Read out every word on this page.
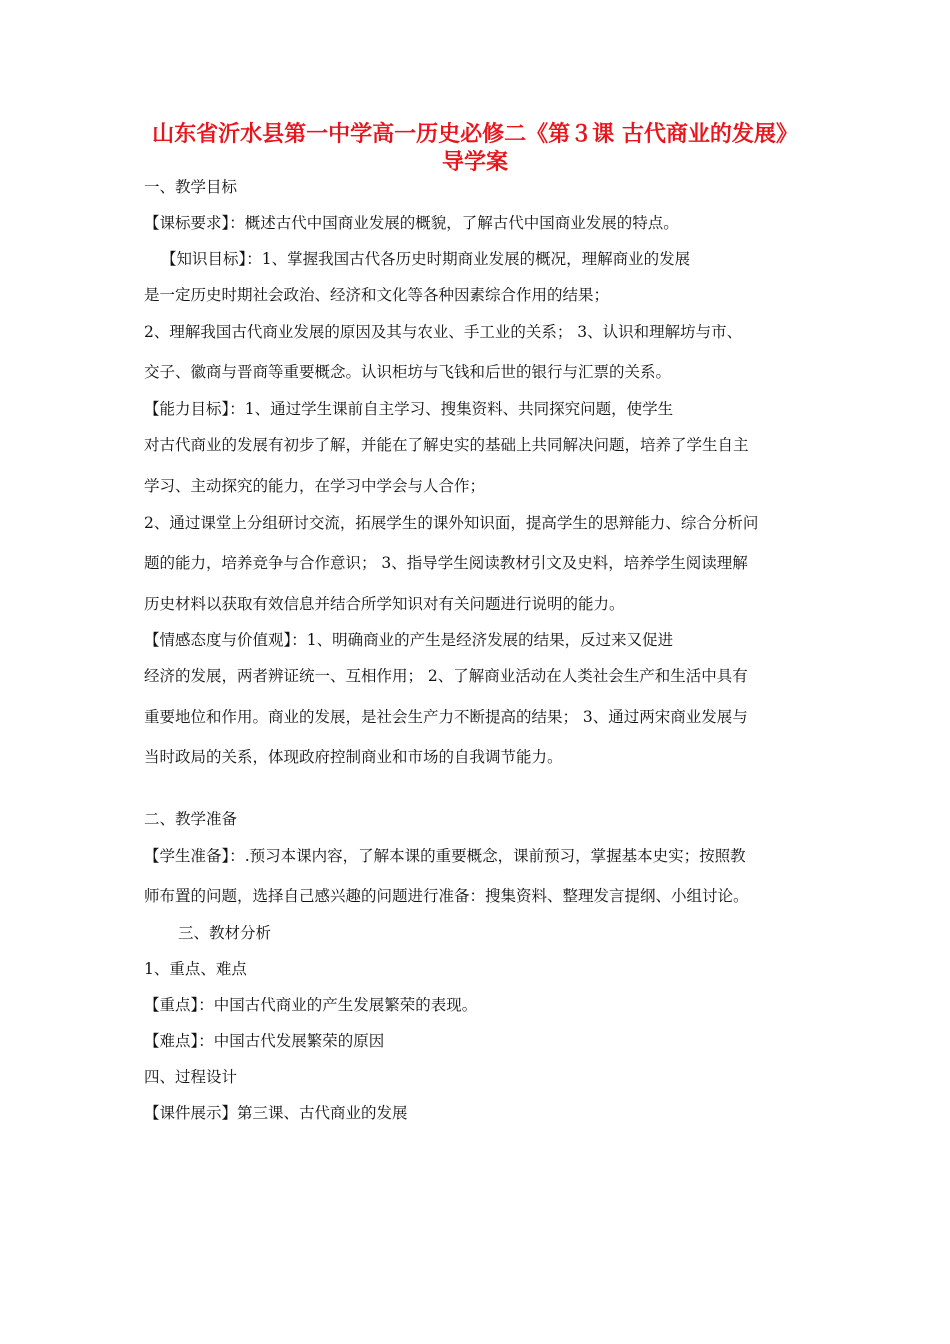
山东省沂水县第一中学高一历史必修二《第３课 古代商业的发展》
导学案
一、教学目标
【课标要求】：概述古代中国商业发展的概貌，了解古代中国商业发展的特点。
【知识目标】：1、掌握我国古代各历史时期商业发展的概况，理解商业的发展
是一定历史时期社会政治、经济和文化等各种因素综合作用的结果；
2、理解我国古代商业发展的原因及其与农业、手工业的关系； 3、认识和理解坊与市、
交子、徽商与晋商等重要概念。认识柜坊与飞钱和后世的银行与汇票的关系。
【能力目标】：1、通过学生课前自主学习、搜集资料、共同探究问题，使学生
对古代商业的发展有初步了解，并能在了解史实的基础上共同解决问题，培养了学生自主
学习、主动探究的能力，在学习中学会与人合作；
2、通过课堂上分组研讨交流，拓展学生的课外知识面，提高学生的思辩能力、综合分析问
题的能力，培养竞争与合作意识； 3、指导学生阅读教材引文及史料，培养学生阅读理解
历史材料以获取有效信息并结合所学知识对有关问题进行说明的能力。
【情感态度与价值观】：1、明确商业的产生是经济发展的结果，反过来又促进
经济的发展，两者辨证统一、互相作用； 2、了解商业活动在人类社会生产和生活中具有
重要地位和作用。商业的发展，是社会生产力不断提高的结果； 3、通过两宋商业发展与
当时政局的关系，体现政府控制商业和市场的自我调节能力。
二、教学准备
【学生准备】：.预习本课内容，了解本课的重要概念，课前预习，掌握基本史实；按照教
师布置的问题，选择自己感兴趣的问题进行准备：搜集资料、整理发言提纲、小组讨论。
三、教材分析
1、重点、难点
【重点】：中国古代商业的产生发展繁荣的表现。
【难点】：中国古代发展繁荣的原因
四、过程设计
【课件展示】第三课、古代商业的发展
